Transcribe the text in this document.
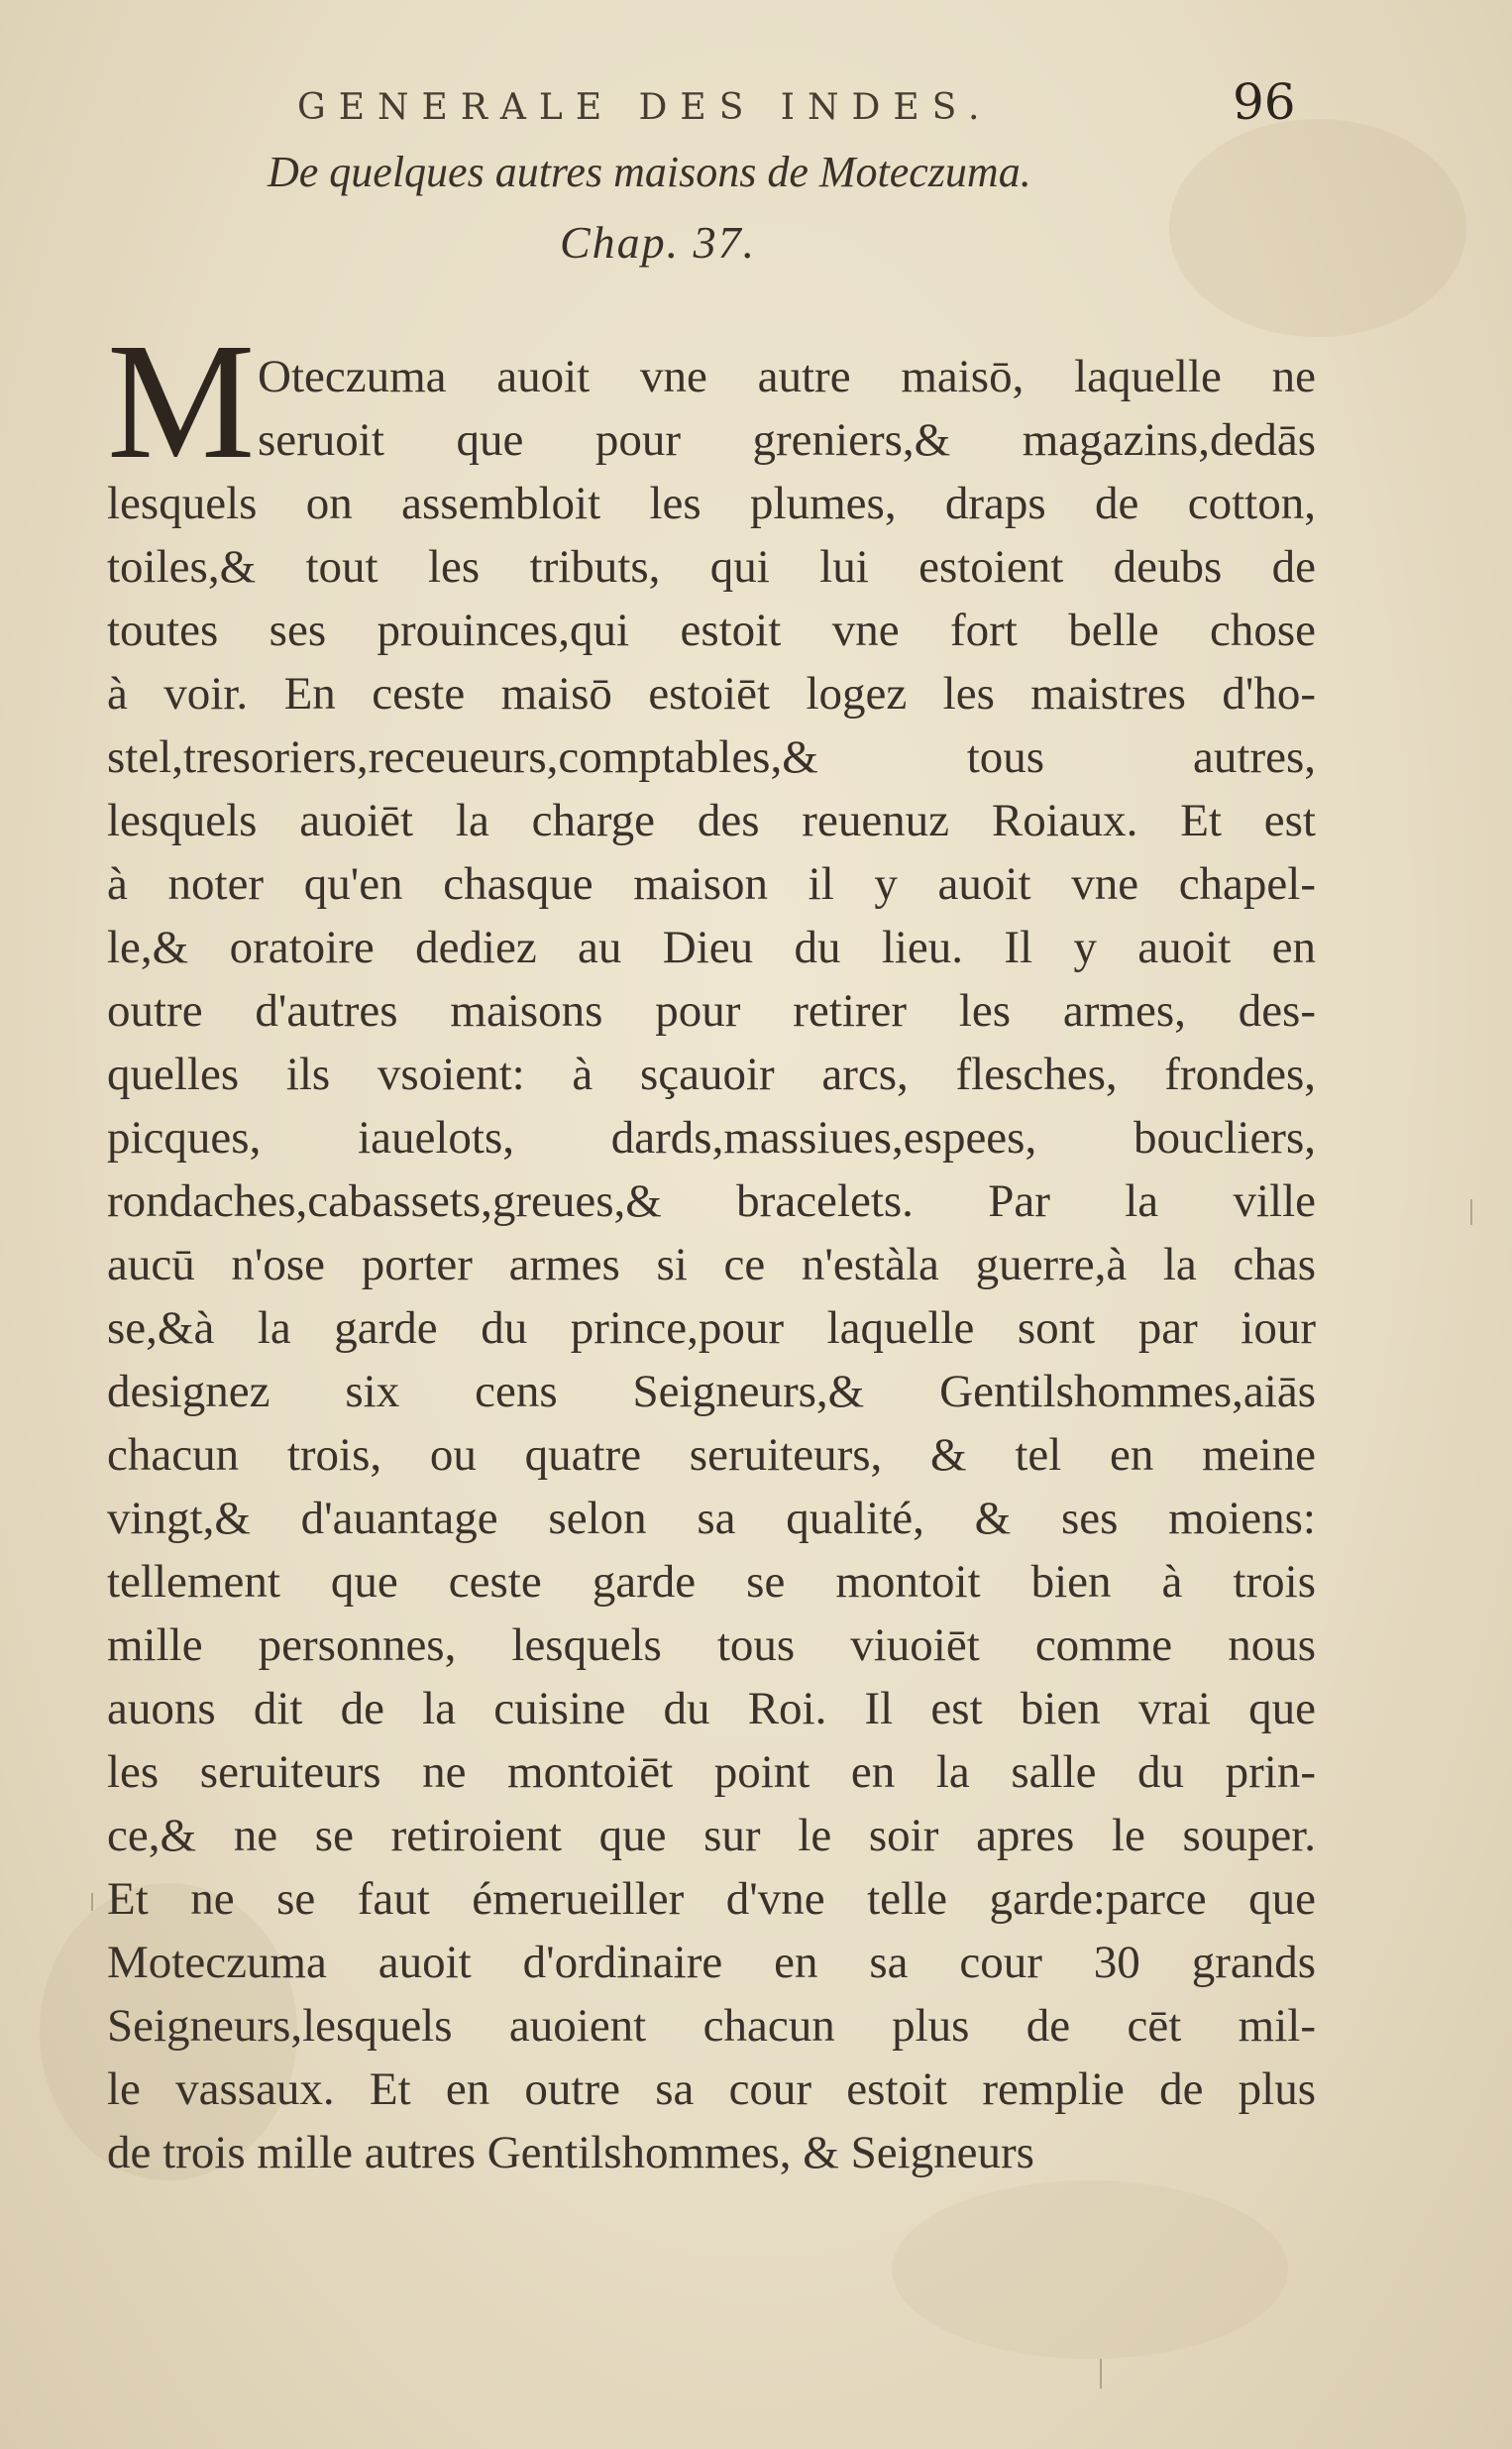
GENERALE DES INDES.	96
De quelques autres maisons de Moteczuma.
Chap. 37.
M Oteczuma auoit vne autre maisō, laquelle ne
seruoit que pour greniers,& magazins,dedās
lesquels on assembloit les plumes, draps de cotton,
toiles,& tout les tributs, qui lui estoient deubs de
toutes ses prouinces,qui estoit vne fort belle chose
à voir. En ceste maisō estoiēt logez les maistres d'ho-
stel,tresoriers,receueurs,comptables,& tous autres,
lesquels auoiēt la charge des reuenuz Roiaux. Et est
à noter qu'en chasque maison il y auoit vne chapel-
le,& oratoire dediez au Dieu du lieu. Il y auoit en
outre d'autres maisons pour retirer les armes, des-
quelles ils vsoient: à sçauoir arcs, flesches, frondes,
picques, iauelots, dards,massiues,espees, boucliers,
rondaches,cabassets,greues,& bracelets. Par la ville
aucū n'ose porter armes si ce n'estàla guerre,à la chas
se,&à la garde du prince,pour laquelle sont par iour
designez six cens Seigneurs,& Gentilshommes,aiās
chacun trois, ou quatre seruiteurs, & tel en meine
vingt,& d'auantage selon sa qualité, & ses moiens:
tellement que ceste garde se montoit bien à trois
mille personnes, lesquels tous viuoiēt comme nous
auons dit de la cuisine du Roi. Il est bien vrai que
les seruiteurs ne montoiēt point en la salle du prin-
ce,& ne se retiroient que sur le soir apres le souper.
Et ne se faut émerueiller d'vne telle garde:parce que
Moteczuma auoit d'ordinaire en sa cour 30 grands
Seigneurs,lesquels auoient chacun plus de cēt mil-
le vassaux. Et en outre sa cour estoit remplie de plus
de trois mille autres Gentilshommes, & Seigneurs
